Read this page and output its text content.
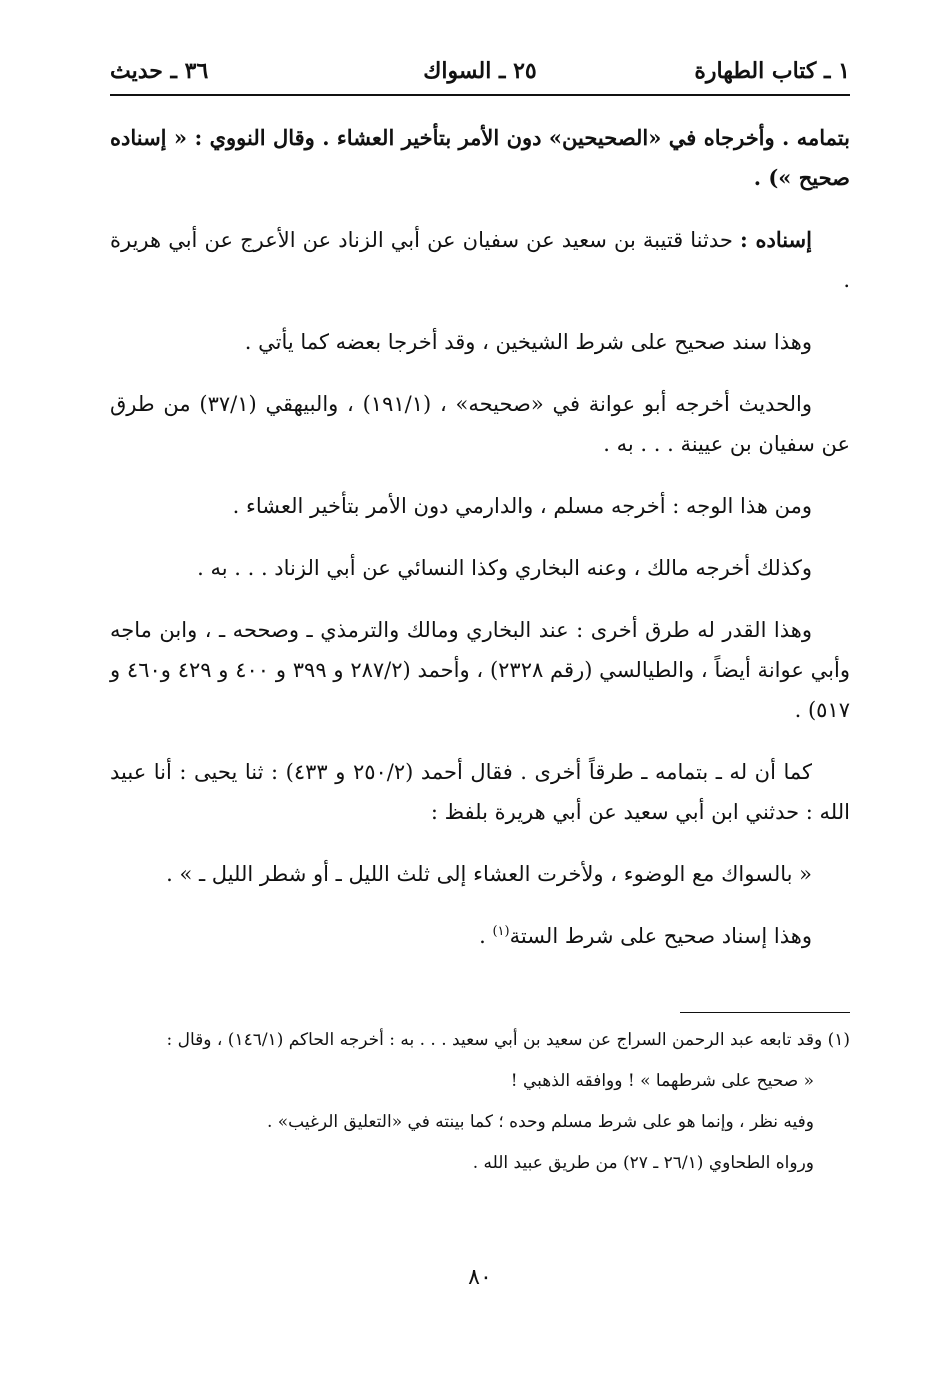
١ ـ كتاب الطهارة
٢٥ ـ السواك
٣٦ ـ حديث

بتمامه . وأخرجاه في «الصحيحين» دون الأمر بتأخير العشاء . وقال النووي : « إسناده صحيح ») .

إسناده : حدثنا قتيبة بن سعيد عن سفيان عن أبي الزناد عن الأعرج عن أبي هريرة .

وهذا سند صحيح على شرط الشيخين ، وقد أخرجا بعضه كما يأتي .

والحديث أخرجه أبو عوانة في «صحيحه» ، (١٩١/١) ، والبيهقي (٣٧/١) من طرق عن سفيان بن عيينة . . . به .

ومن هذا الوجه : أخرجه مسلم ، والدارمي دون الأمر بتأخير العشاء .

وكذلك أخرجه مالك ، وعنه البخاري وكذا النسائي عن أبي الزناد . . . به .

وهذا القدر له طرق أخرى : عند البخاري ومالك والترمذي ـ وصححه ـ ، وابن ماجه وأبي عوانة أيضاً ، والطيالسي (رقم ٢٣٢٨) ، وأحمد (٢٨٧/٢ و ٣٩٩ و ٤٠٠ و ٤٢٩ و٤٦٠ و ٥١٧) .

كما أن له ـ بتمامه ـ طرقاً أخرى . فقال أحمد (٢٥٠/٢ و ٤٣٣) : ثنا يحيى : أنا عبيد الله : حدثني ابن أبي سعيد عن أبي هريرة بلفظ :

« بالسواك مع الوضوء ، ولأخرت العشاء إلى ثلث الليل ـ أو شطر الليل ـ » .

وهذا إسناد صحيح على شرط الستة$^{(١)}$ .

(١) وقد تابعه عبد الرحمن السراج عن سعيد بن أبي سعيد . . . به : أخرجه الحاكم (١٤٦/١) ، وقال :

« صحيح على شرطهما » ! ووافقه الذهبي !

وفيه نظر ، وإنما هو على شرط مسلم وحده ؛ كما بينته في «التعليق الرغيب» .

ورواه الطحاوي (٢٦/١ ـ ٢٧) من طريق عبيد الله .

٨٠
